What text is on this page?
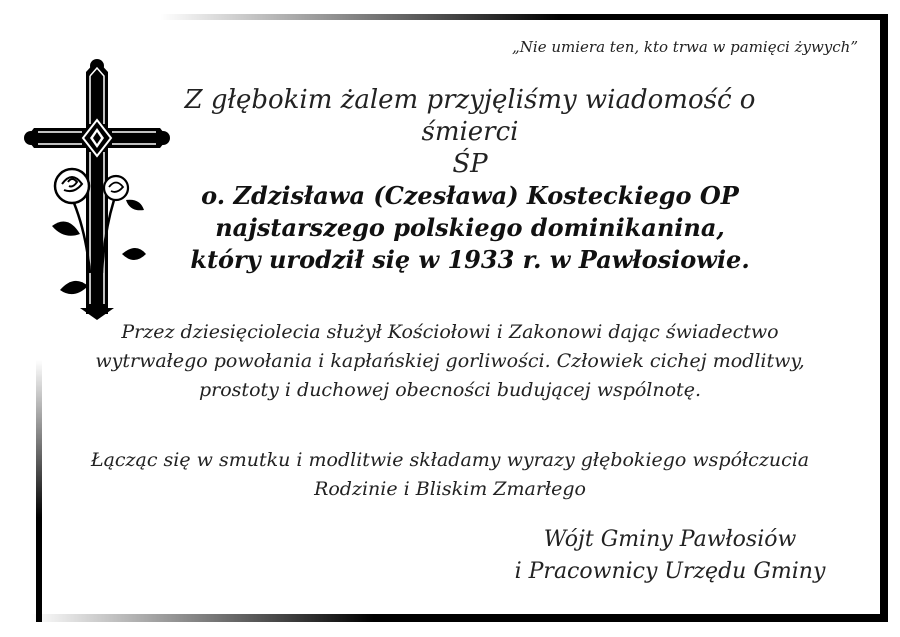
„Nie umiera ten, kto trwa w pamięci żywych”

Z głębokim żalem przyjęliśmy wiadomość o śmierci
ŚP
o. Zdzisława (Czesława) Kosteckiego OP
najstarszego polskiego dominikanina,
który urodził się w 1933 r. w Pawłosiowie.

Przez dziesięciolecia służył Kościołowi i Zakonowi dając świadectwo
wytrwałego powołania i kapłańskiej gorliwości. Człowiek cichej modlitwy,
prostoty i duchowej obecności budującej wspólnotę.

Łącząc się w smutku i modlitwie składamy wyrazy głębokiego współczucia
Rodzinie i Bliskim Zmarłego

Wójt Gminy Pawłosiów
i Pracownicy Urzędu Gminy
